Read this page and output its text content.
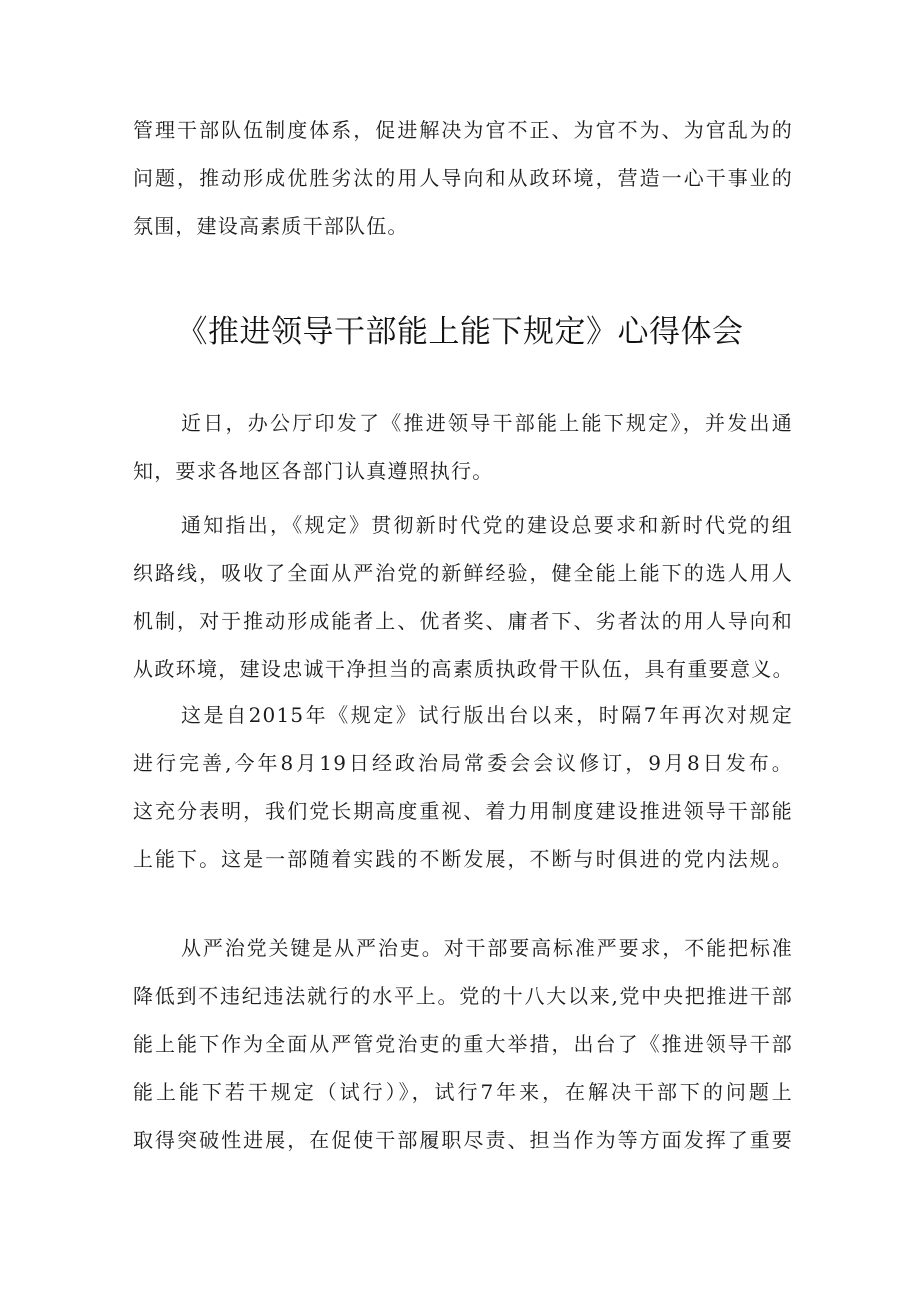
管理干部队伍制度体系，促进解决为官不正、为官不为、为官乱为的
问题，推动形成优胜劣汰的用人导向和从政环境，营造一心干事业的
氛围，建设高素质干部队伍。
《推进领导干部能上能下规定》心得体会
近日，办公厅印发了《推进领导干部能上能下规定》，并发出通
知，要求各地区各部门认真遵照执行。
通知指出，《规定》贯彻新时代党的建设总要求和新时代党的组
织路线，吸收了全面从严治党的新鲜经验，健全能上能下的选人用人
机制，对于推动形成能者上、优者奖、庸者下、劣者汰的用人导向和
从政环境，建设忠诚干净担当的高素质执政骨干队伍，具有重要意义。
这是自2015年《规定》试行版出台以来，时隔7年再次对规定
进行完善,今年8月19日经政治局常委会会议修订，9月8日发布。
这充分表明，我们党长期高度重视、着力用制度建设推进领导干部能
上能下。这是一部随着实践的不断发展，不断与时俱进的党内法规。
从严治党关键是从严治吏。对干部要高标准严要求，不能把标准
降低到不违纪违法就行的水平上。党的十八大以来,党中央把推进干部
能上能下作为全面从严管党治吏的重大举措，出台了《推进领导干部
能上能下若干规定（试行）》，试行7年来，在解决干部下的问题上
取得突破性进展，在促使干部履职尽责、担当作为等方面发挥了重要
